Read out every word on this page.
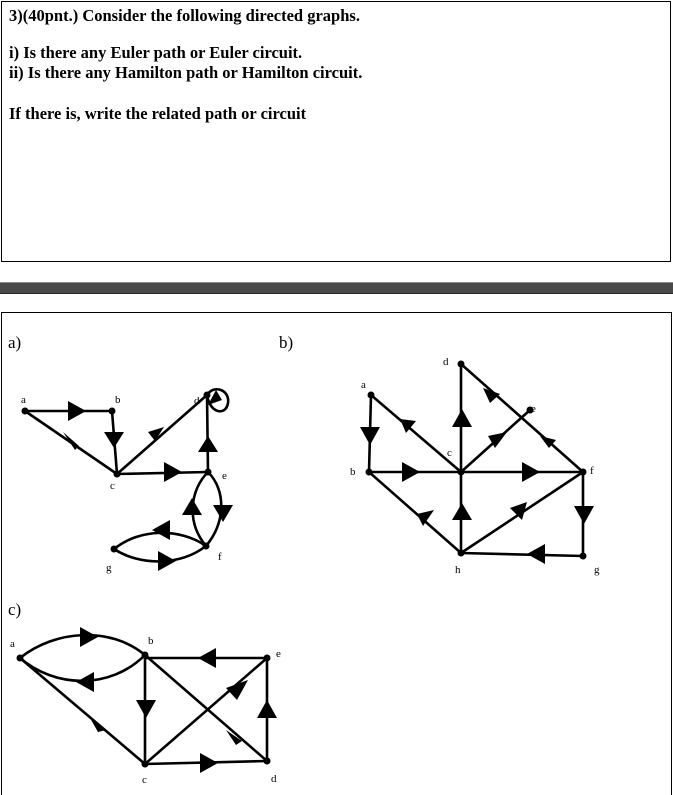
3)(40pnt.) Consider the following directed graphs.

i) Is there any Euler path or Euler circuit.

ii) Is there any Hamilton path or Hamilton circuit.

If there is, write the related path or circuit

a)	b)
c)
a	b
c
d
e
f
g
a
b
c
d
e
f
g
h
a	b
c	d
e
